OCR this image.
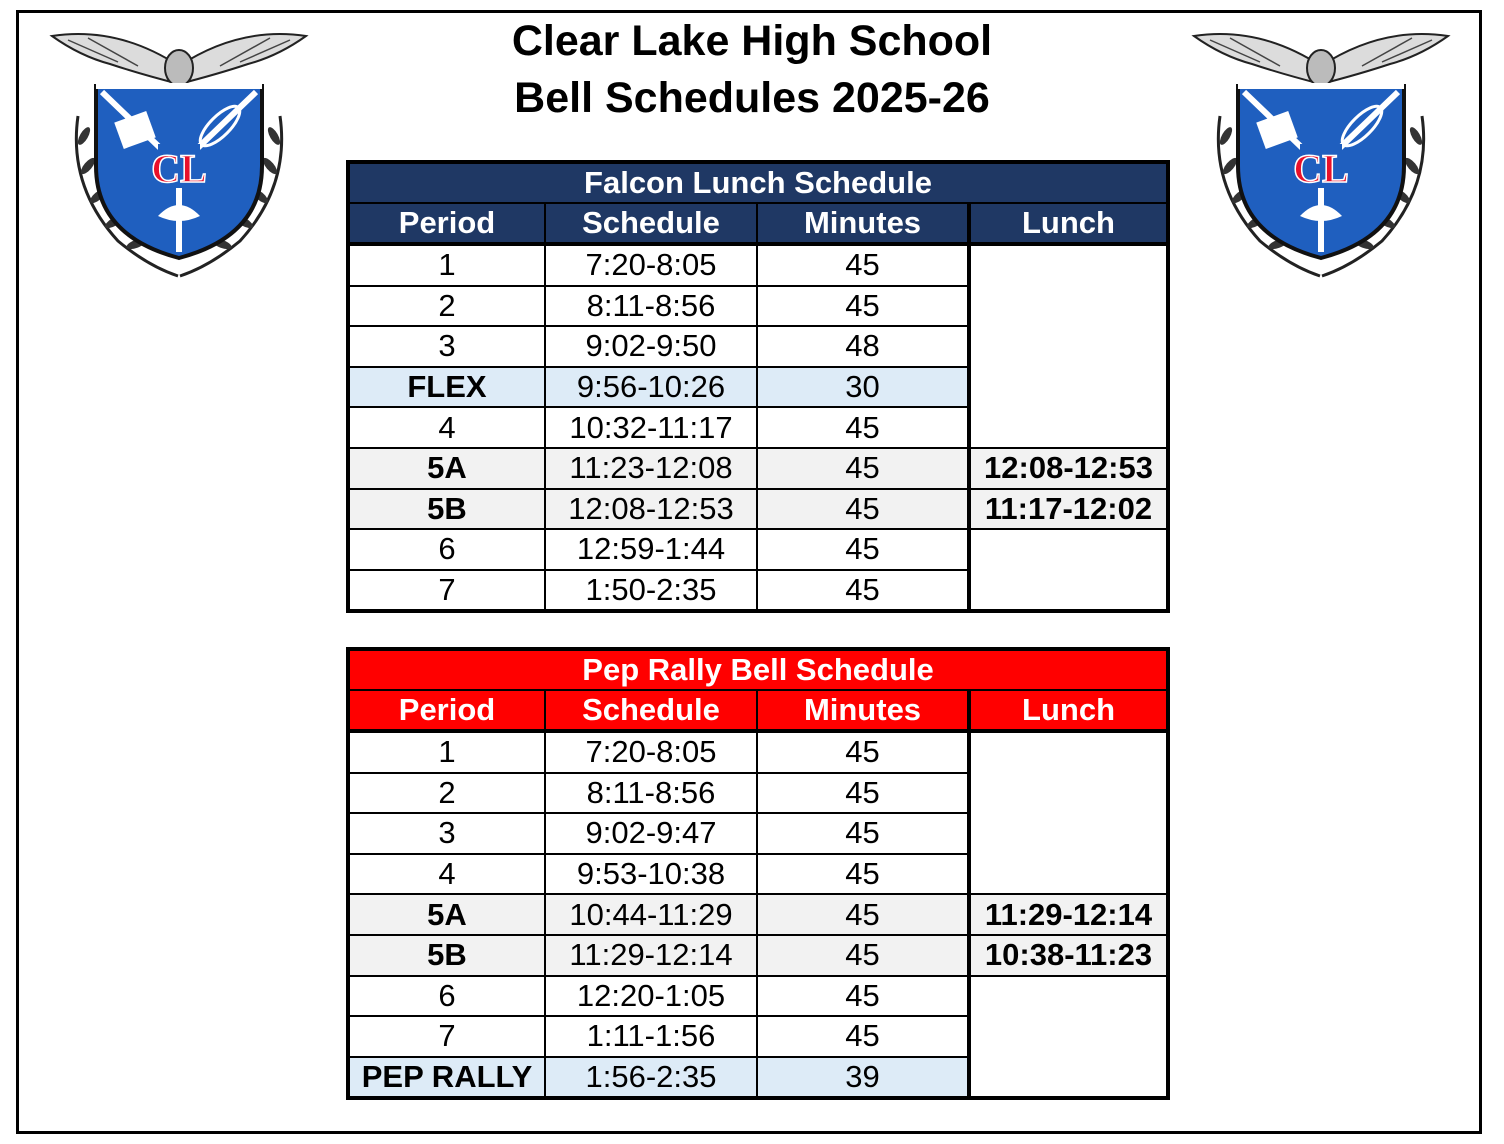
Clear Lake High School
Bell Schedules 2025-26
CL	CL
Falcon Lunch Schedule			
Period	Schedule	Minutes	Lunch
1	7:20-8:05	45	
2	8:11-8:56	45	
3	9:02-9:50	48	
FLEX	9:56-10:26	30	
4	10:32-11:17	45	
5A	11:23-12:08	45	12:08-12:53
5B	12:08-12:53	45	11:17-12:02
6	12:59-1:44	45	
7	1:50-2:35	45	
Pep Rally Bell Schedule			
Period	Schedule	Minutes	Lunch
1	7:20-8:05	45	
2	8:11-8:56	45	
3	9:02-9:47	45	
4	9:53-10:38	45	
5A	10:44-11:29	45	11:29-12:14
5B	11:29-12:14	45	10:38-11:23
6	12:20-1:05	45	
7	1:11-1:56	45	
PEP RALLY	1:56-2:35	39	
